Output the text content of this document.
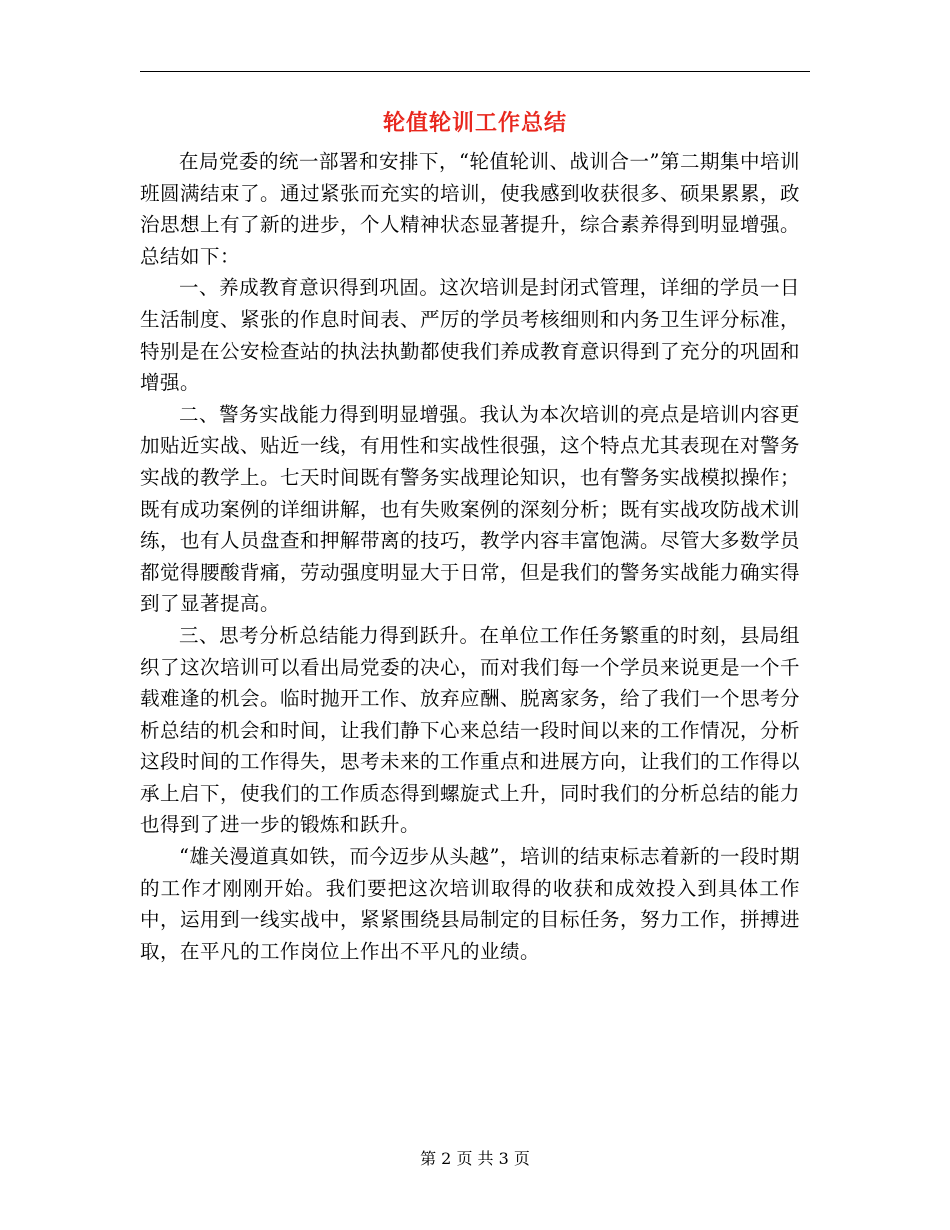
轮值轮训工作总结

在局党委的统一部署和安排下，“轮值轮训、战训合一”第二期集中培训班圆满结束了。通过紧张而充实的培训，使我感到收获很多、硕果累累，政治思想上有了新的进步，个人精神状态显著提升，综合素养得到明显增强。总结如下：

一、养成教育意识得到巩固。这次培训是封闭式管理，详细的学员一日生活制度、紧张的作息时间表、严厉的学员考核细则和内务卫生评分标准，特别是在公安检查站的执法执勤都使我们养成教育意识得到了充分的巩固和增强。

二、警务实战能力得到明显增强。我认为本次培训的亮点是培训内容更加贴近实战、贴近一线，有用性和实战性很强，这个特点尤其表现在对警务实战的教学上。七天时间既有警务实战理论知识，也有警务实战模拟操作；既有成功案例的详细讲解，也有失败案例的深刻分析；既有实战攻防战术训练，也有人员盘查和押解带离的技巧，教学内容丰富饱满。尽管大多数学员都觉得腰酸背痛，劳动强度明显大于日常，但是我们的警务实战能力确实得到了显著提高。

三、思考分析总结能力得到跃升。在单位工作任务繁重的时刻，县局组织了这次培训可以看出局党委的决心，而对我们每一个学员来说更是一个千载难逢的机会。临时抛开工作、放弃应酬、脱离家务，给了我们一个思考分析总结的机会和时间，让我们静下心来总结一段时间以来的工作情况，分析这段时间的工作得失，思考未来的工作重点和进展方向，让我们的工作得以承上启下，使我们的工作质态得到螺旋式上升，同时我们的分析总结的能力也得到了进一步的锻炼和跃升。

“雄关漫道真如铁，而今迈步从头越”，培训的结束标志着新的一段时期的工作才刚刚开始。我们要把这次培训取得的收获和成效投入到具体工作中，运用到一线实战中，紧紧围绕县局制定的目标任务，努力工作，拼搏进取，在平凡的工作岗位上作出不平凡的业绩。

第 2 页 共 3 页
